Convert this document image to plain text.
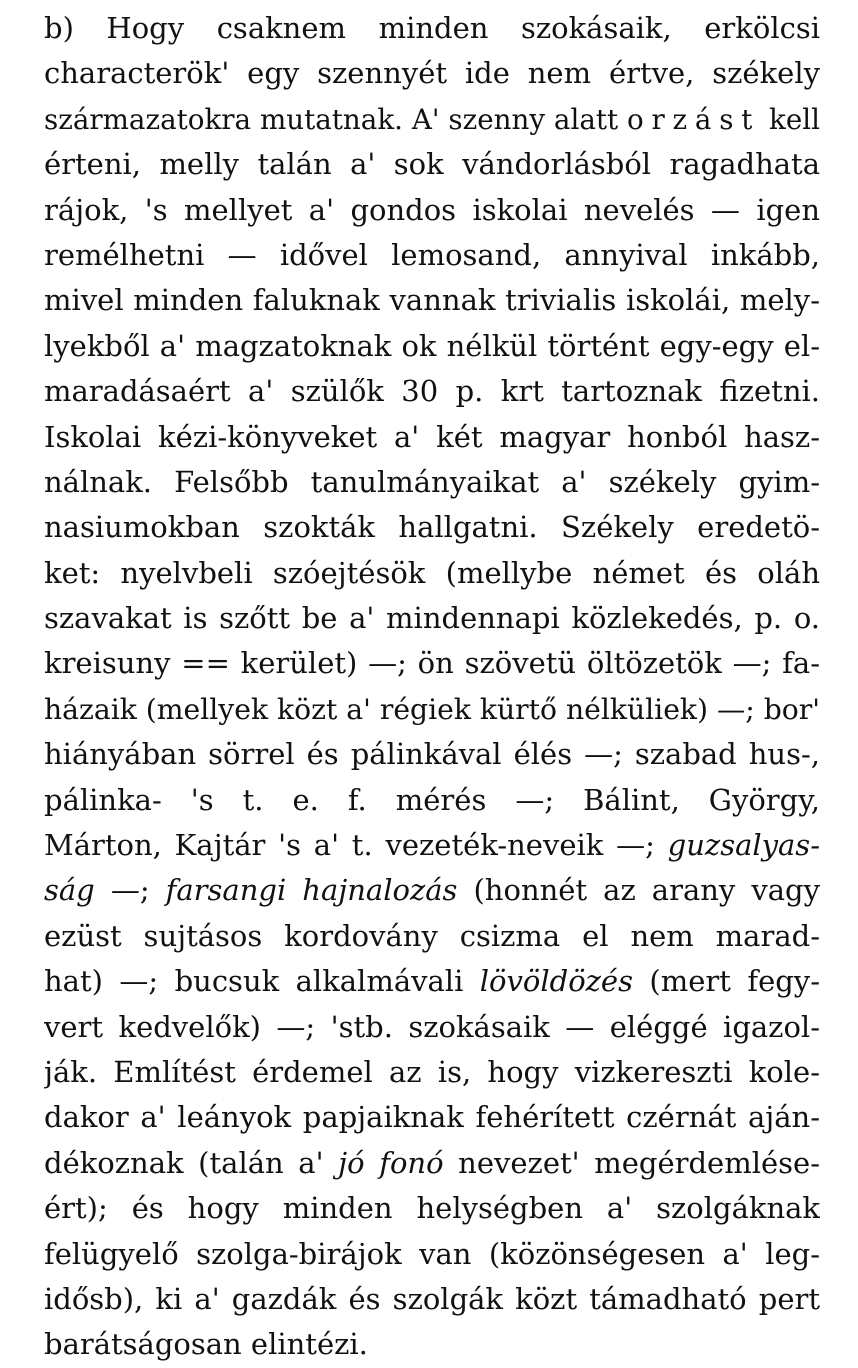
b) Hogy csaknem minden szokásaik, erkölcsi
characterök' egy szennyét ide nem értve, székely
származatokra mutatnak. A' szenny alatt orzást kell
érteni, melly talán a' sok vándorlásból ragadhata
rájok, 's mellyet a' gondos iskolai nevelés — igen
remélhetni — idővel lemosand, annyival inkább,
mivel minden faluknak vannak trivialis iskolái, mely-
lyekből a' magzatoknak ok nélkül történt egy-egy el-
maradásaért a' szülők 30 p. krt tartoznak fizetni.
Iskolai kézi-könyveket a' két magyar honból hasz-
nálnak. Felsőbb tanulmányaikat a' székely gyim-
nasiumokban szokták hallgatni. Székely eredetö-
ket: nyelvbeli szóejtésök (mellybe német és oláh
szavakat is szőtt be a' mindennapi közlekedés, p. o.
kreisuny == kerület) —; ön szövetü öltözetök —; fa-
házaik (mellyek közt a' régiek kürtő nélküliek) —; bor'
hiányában sörrel és pálinkával élés —; szabad hus-,
pálinka- 's t. e. f. mérés —; Bálint, György,
Márton, Kajtár 's a' t. vezeték-neveik —; guzsalyas-
ság —; farsangi hajnalozás (honnét az arany vagy
ezüst sujtásos kordovány csizma el nem marad-
hat) —; bucsuk alkalmávali lövöldözés (mert fegy-
vert kedvelők) —; 'stb. szokásaik — eléggé igazol-
ják. Említést érdemel az is, hogy vizkereszti kole-
dakor a' leányok papjaiknak fehérített czérnát aján-
dékoznak (talán a' jó fonó nevezet' megérdemlése-
ért); és hogy minden helységben a' szolgáknak
felügyelő szolga-birájok van (közönségesen a' leg-
idősb), ki a' gazdák és szolgák közt támadható pert
barátságosan elintézi.
